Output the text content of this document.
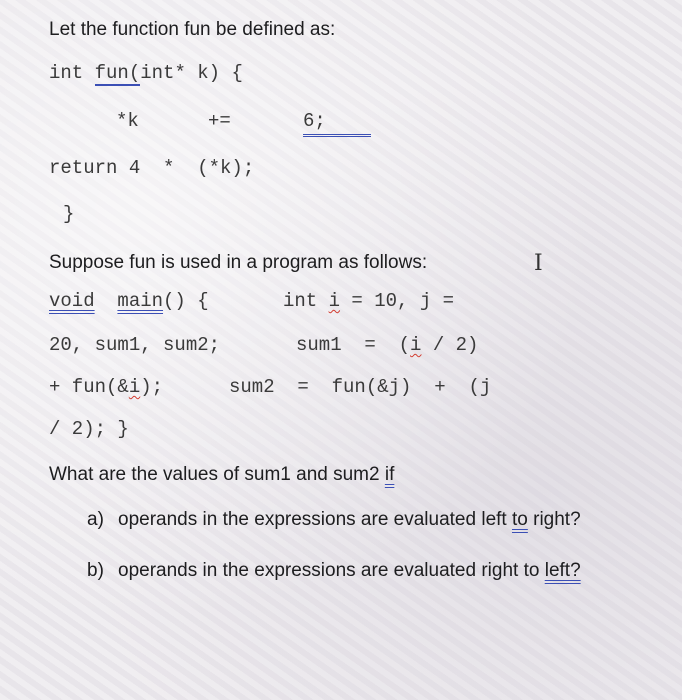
Let the function fun be defined as:
int fun(int* k) {
*k	+=	6;
return 4  *  (*k);
}
Suppose fun is used in a program as follows:	I
void main() {	int i = 10, j =
20, sum1, sum2;	sum1  =  (i / 2)
+ fun(&i);	sum2  =  fun(&j)  +  (j
/ 2); }
What are the values of sum1 and sum2 if
a) operands in the expressions are evaluated left to right?
b) operands in the expressions are evaluated right to left?
